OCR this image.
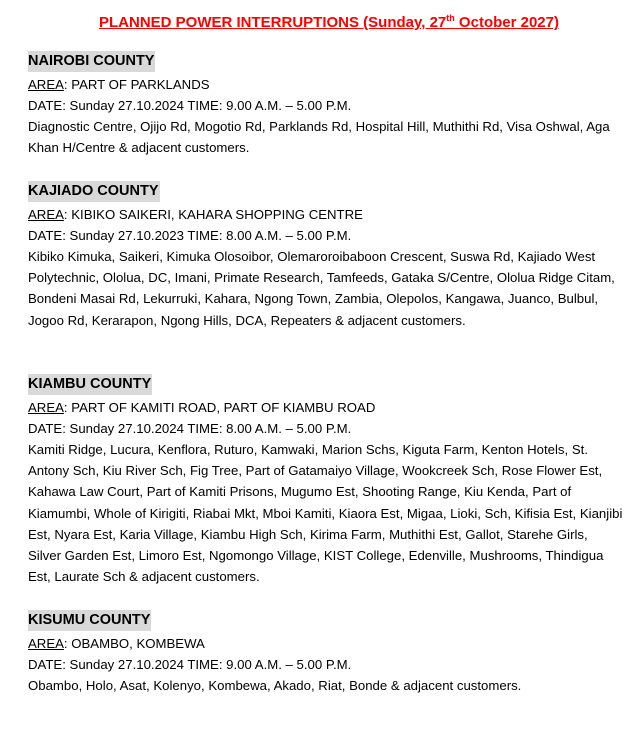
PLANNED POWER INTERRUPTIONS (Sunday, 27th October 2027)
NAIROBI COUNTY
AREA: PART OF PARKLANDS
DATE: Sunday 27.10.2024 TIME: 9.00 A.M. – 5.00 P.M.
Diagnostic Centre, Ojijo Rd, Mogotio Rd, Parklands Rd, Hospital Hill, Muthithi Rd, Visa Oshwal, Aga Khan H/Centre & adjacent customers.
KAJIADO COUNTY
AREA: KIBIKO SAIKERI, KAHARA SHOPPING CENTRE
DATE: Sunday 27.10.2023 TIME: 8.00 A.M. – 5.00 P.M.
Kibiko Kimuka, Saikeri, Kimuka Olosoibor, Olemaroroibaboon Crescent, Suswa Rd, Kajiado West Polytechnic, Ololua, DC, Imani, Primate Research, Tamfeeds, Gataka S/Centre, Ololua Ridge Citam, Bondeni Masai Rd, Lekurruki, Kahara, Ngong Town, Zambia, Olepolos, Kangawa, Juanco, Bulbul, Jogoo Rd, Kerarapon, Ngong Hills, DCA, Repeaters & adjacent customers.
KIAMBU COUNTY
AREA: PART OF KAMITI ROAD, PART OF KIAMBU ROAD
DATE: Sunday 27.10.2024 TIME: 8.00 A.M. – 5.00 P.M.
Kamiti Ridge, Lucura, Kenflora, Ruturo, Kamwaki, Marion Schs, Kiguta Farm, Kenton Hotels, St. Antony Sch, Kiu River Sch, Fig Tree, Part of Gatamaiyo Village, Wookcreek Sch, Rose Flower Est, Kahawa Law Court, Part of Kamiti Prisons, Mugumo Est, Shooting Range, Kiu Kenda, Part of Kiamumbi, Whole of Kirigiti, Riabai Mkt, Mboi Kamiti, Kiaora Est, Migaa, Lioki, Sch, Kifisia Est, Kianjibi Est, Nyara Est, Karia Village, Kiambu High Sch, Kirima Farm, Muthithi Est, Gallot, Starehe Girls, Silver Garden Est, Limoro Est, Ngomongo Village, KIST College, Edenville, Mushrooms, Thindigua Est, Laurate Sch & adjacent customers.
KISUMU COUNTY
AREA: OBAMBO, KOMBEWA
DATE: Sunday 27.10.2024 TIME: 9.00 A.M. – 5.00 P.M.
Obambo, Holo, Asat, Kolenyo, Kombewa, Akado, Riat, Bonde & adjacent customers.
